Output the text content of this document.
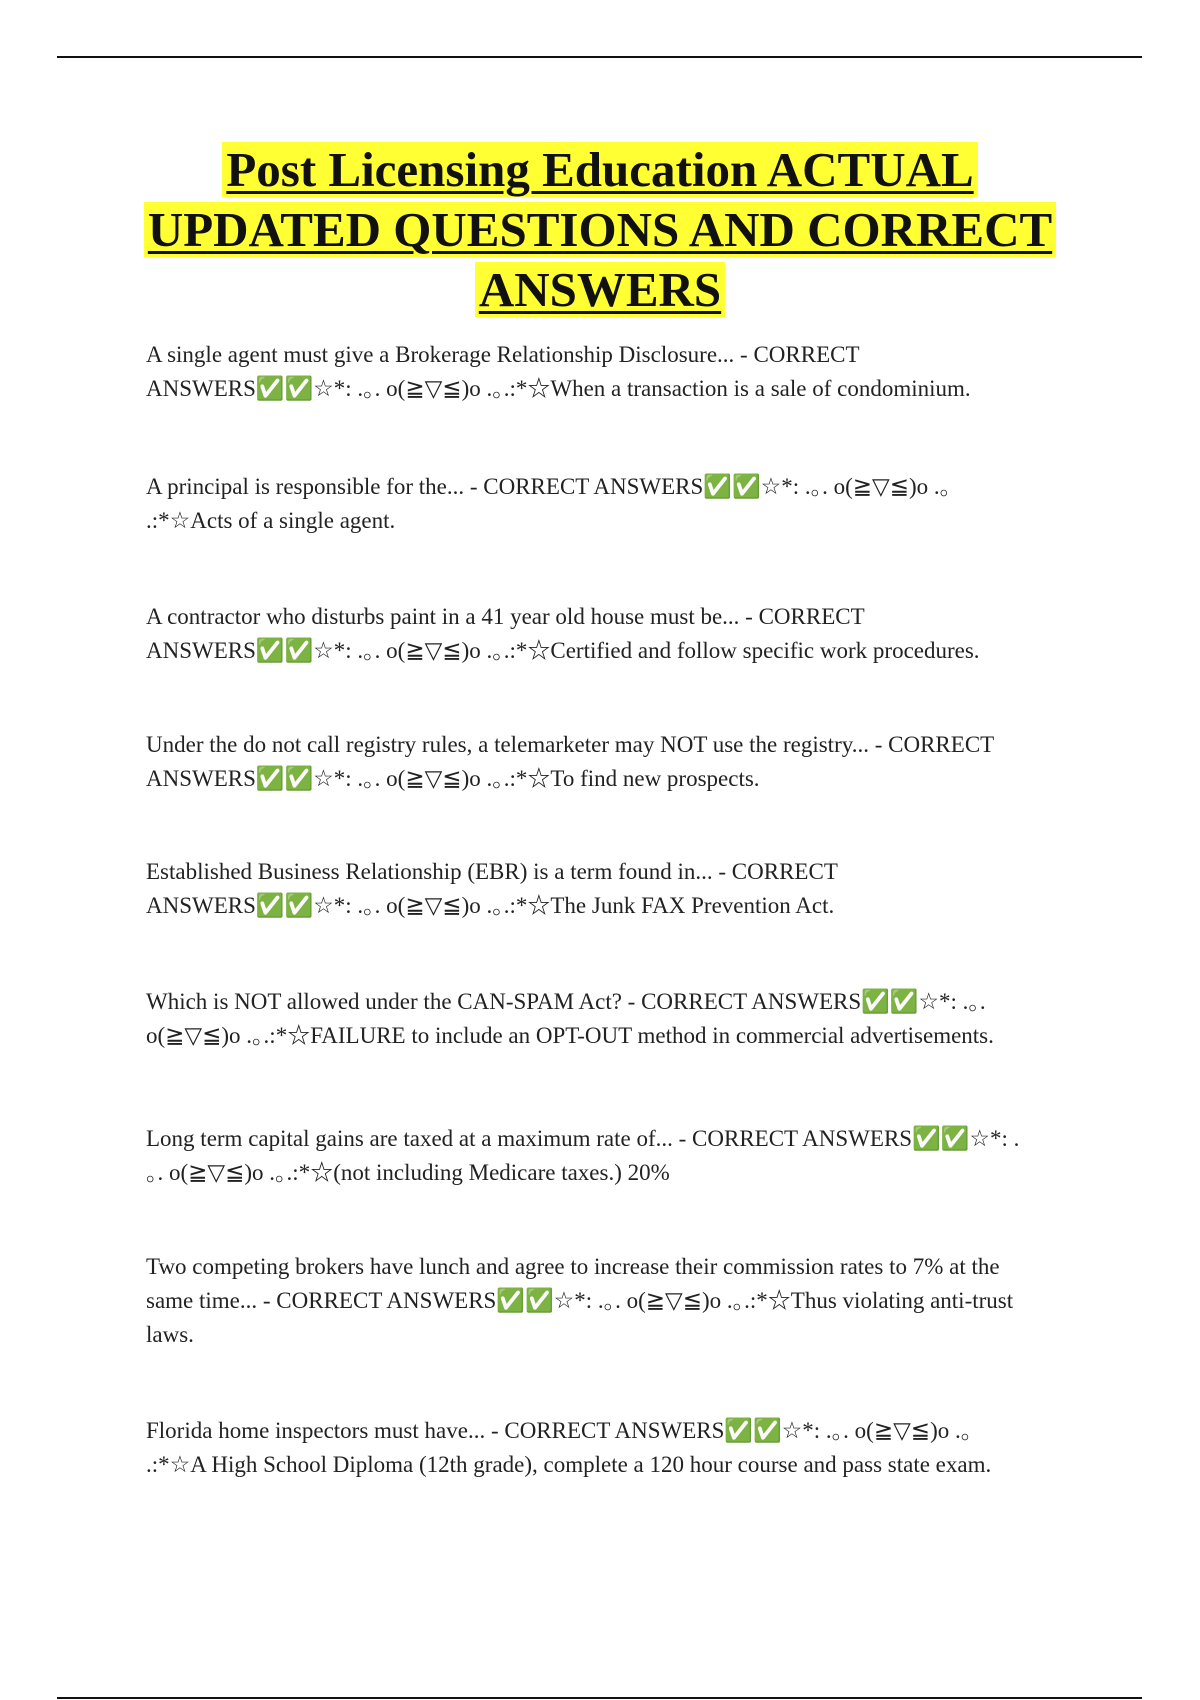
Post Licensing Education ACTUAL
UPDATED QUESTIONS AND CORRECT
ANSWERS

A single agent must give a Brokerage Relationship Disclosure... - CORRECT

ANSWERS✅✅☆*: .｡. o(≧▽≦)o .｡.:*☆When a transaction is a sale of condominium.

A principal is responsible for the... - CORRECT ANSWERS✅✅☆*: .｡. o(≧▽≦)o .｡

.:*☆Acts of a single agent.

A contractor who disturbs paint in a 41 year old house must be... - CORRECT

ANSWERS✅✅☆*: .｡. o(≧▽≦)o .｡.:*☆Certified and follow specific work procedures.

Under the do not call registry rules, a telemarketer may NOT use the registry... - CORRECT

ANSWERS✅✅☆*: .｡. o(≧▽≦)o .｡.:*☆To find new prospects.

Established Business Relationship (EBR) is a term found in... - CORRECT

ANSWERS✅✅☆*: .｡. o(≧▽≦)o .｡.:*☆The Junk FAX Prevention Act.

Which is NOT allowed under the CAN-SPAM Act? - CORRECT ANSWERS✅✅☆*: .｡.

o(≧▽≦)o .｡.:*☆FAILURE to include an OPT-OUT method in commercial advertisements.

Long term capital gains are taxed at a maximum rate of... - CORRECT ANSWERS✅✅☆*: .

｡. o(≧▽≦)o .｡.:*☆(not including Medicare taxes.) 20%

Two competing brokers have lunch and agree to increase their commission rates to 7% at the

same time... - CORRECT ANSWERS✅✅☆*: .｡. o(≧▽≦)o .｡.:*☆Thus violating anti-trust

laws.

Florida home inspectors must have... - CORRECT ANSWERS✅✅☆*: .｡. o(≧▽≦)o .｡

.:*☆A High School Diploma (12th grade), complete a 120 hour course and pass state exam.
